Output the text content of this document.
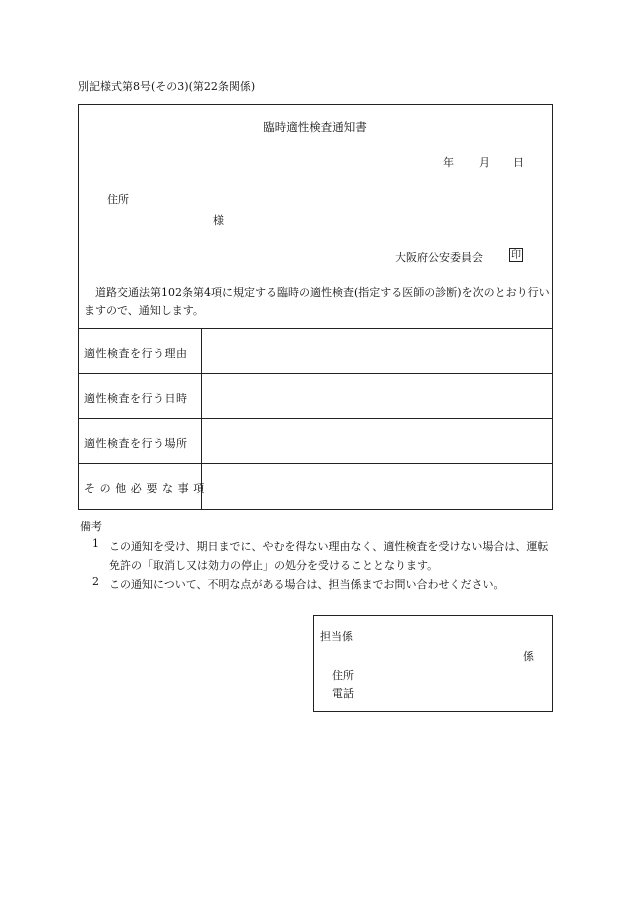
別記様式第8号(その3)(第22条関係)
臨時適性検査通知書
年 月 日
住所
様
大阪府公安委員会	印
道路交通法第102条第4項に規定する臨時の適性検査(指定する医師の診断)を次のとおり行いますので、通知します。
適性検査を行う理由
適性検査を行う日時
適性検査を行う場所
その他必要な事項
備考
1 この通知を受け、期日までに、やむを得ない理由なく、適性検査を受けない場合は、運転免許の「取消し又は効力の停止」の処分を受けることとなります。
2 この通知について、不明な点がある場合は、担当係までお問い合わせください。
担当係
係
住所
電話
